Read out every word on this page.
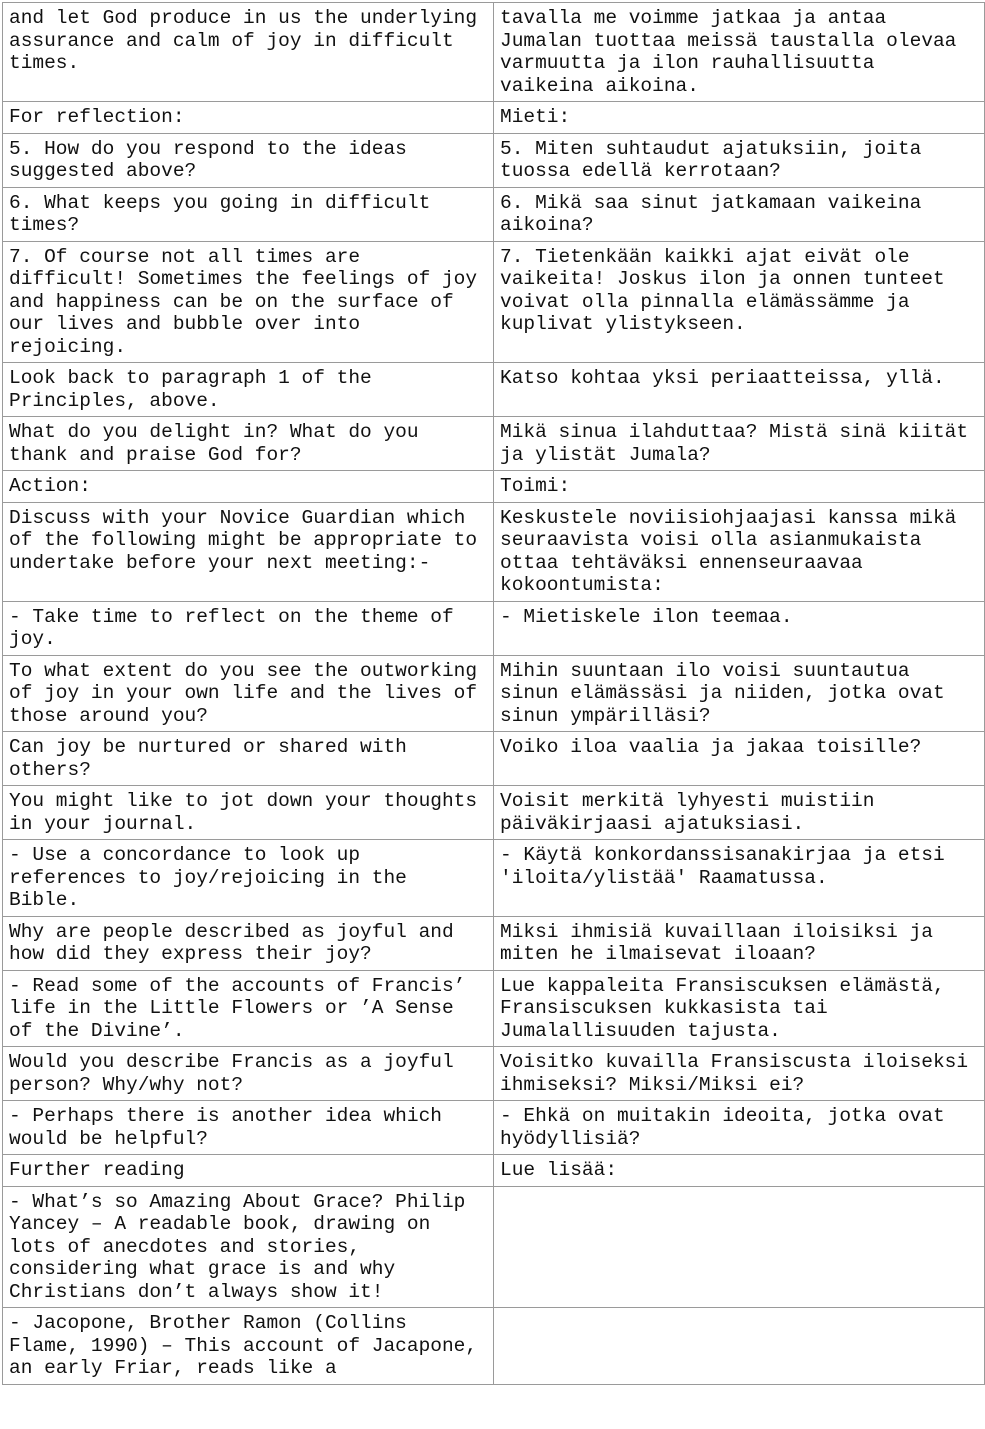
and let God produce in us the underlying assurance and calm of joy in difficult times.	tavalla me voimme jatkaa ja antaa Jumalan tuottaa meissä taustalla olevaa varmuutta ja ilon rauhallisuutta vaikeina aikoina.
For reflection:	Mieti:
5. How do you respond to the ideas suggested above?	5. Miten suhtaudut ajatuksiin, joita tuossa edellä kerrotaan?
6. What keeps you going in difficult times?	6. Mikä saa sinut jatkamaan vaikeina aikoina?
7. Of course not all times are difficult! Sometimes the feelings of joy and happiness can be on the surface of our lives and bubble over into rejoicing.	7. Tietenkään kaikki ajat eivät ole vaikeita! Joskus ilon ja onnen tunteet voivat olla pinnalla elämässämme ja kuplivat ylistykseen.
Look back to paragraph 1 of the Principles, above.	Katso kohtaa yksi periaatteissa, yllä.
What do you delight in? What do you thank and praise God for?	Mikä sinua ilahduttaa? Mistä sinä kiität ja ylistät Jumala?
Action:	Toimi:
Discuss with your Novice Guardian which of the following might be appropriate to undertake before your next meeting:-	Keskustele noviisiohjaajasi kanssa mikä seuraavista voisi olla asianmukaista ottaa tehtäväksi ennenseuraavaa kokoontumista:
- Take time to reflect on the theme of joy.	- Mietiskele ilon teemaa.
To what extent do you see the outworking of joy in your own life and the lives of those around you?	Mihin suuntaan ilo voisi suuntautua sinun elämässäsi ja niiden, jotka ovat sinun ympärilläsi?
Can joy be nurtured or shared with others?	Voiko iloa vaalia ja jakaa toisille?
You might like to jot down your thoughts in your journal.	Voisit merkitä lyhyesti muistiin päiväkirjaasi ajatuksiasi.
- Use a concordance to look up references to joy/rejoicing in the Bible.	- Käytä konkordanssisanakirjaa ja etsi 'iloita/ylistää' Raamatussa.
Why are people described as joyful and how did they express their joy?	Miksi ihmisiä kuvaillaan iloisiksi ja miten he ilmaisevat iloaan?
- Read some of the accounts of Francis’ life in the Little Flowers or ’A Sense of the Divine’.	Lue kappaleita Fransiscuksen elämästä, Fransiscuksen kukkasista tai Jumalallisuuden tajusta.
Would you describe Francis as a joyful person? Why/why not?	Voisitko kuvailla Fransiscusta iloiseksi ihmiseksi? Miksi/Miksi ei?
- Perhaps there is another idea which would be helpful?	- Ehkä on muitakin ideoita, jotka ovat hyödyllisiä?
Further reading	Lue lisää:
- What’s so Amazing About Grace? Philip Yancey – A readable book, drawing on lots of anecdotes and stories, considering what grace is and why Christians don’t always show it!	
- Jacopone, Brother Ramon (Collins Flame, 1990) – This account of Jacapone, an early Friar, reads like a	
